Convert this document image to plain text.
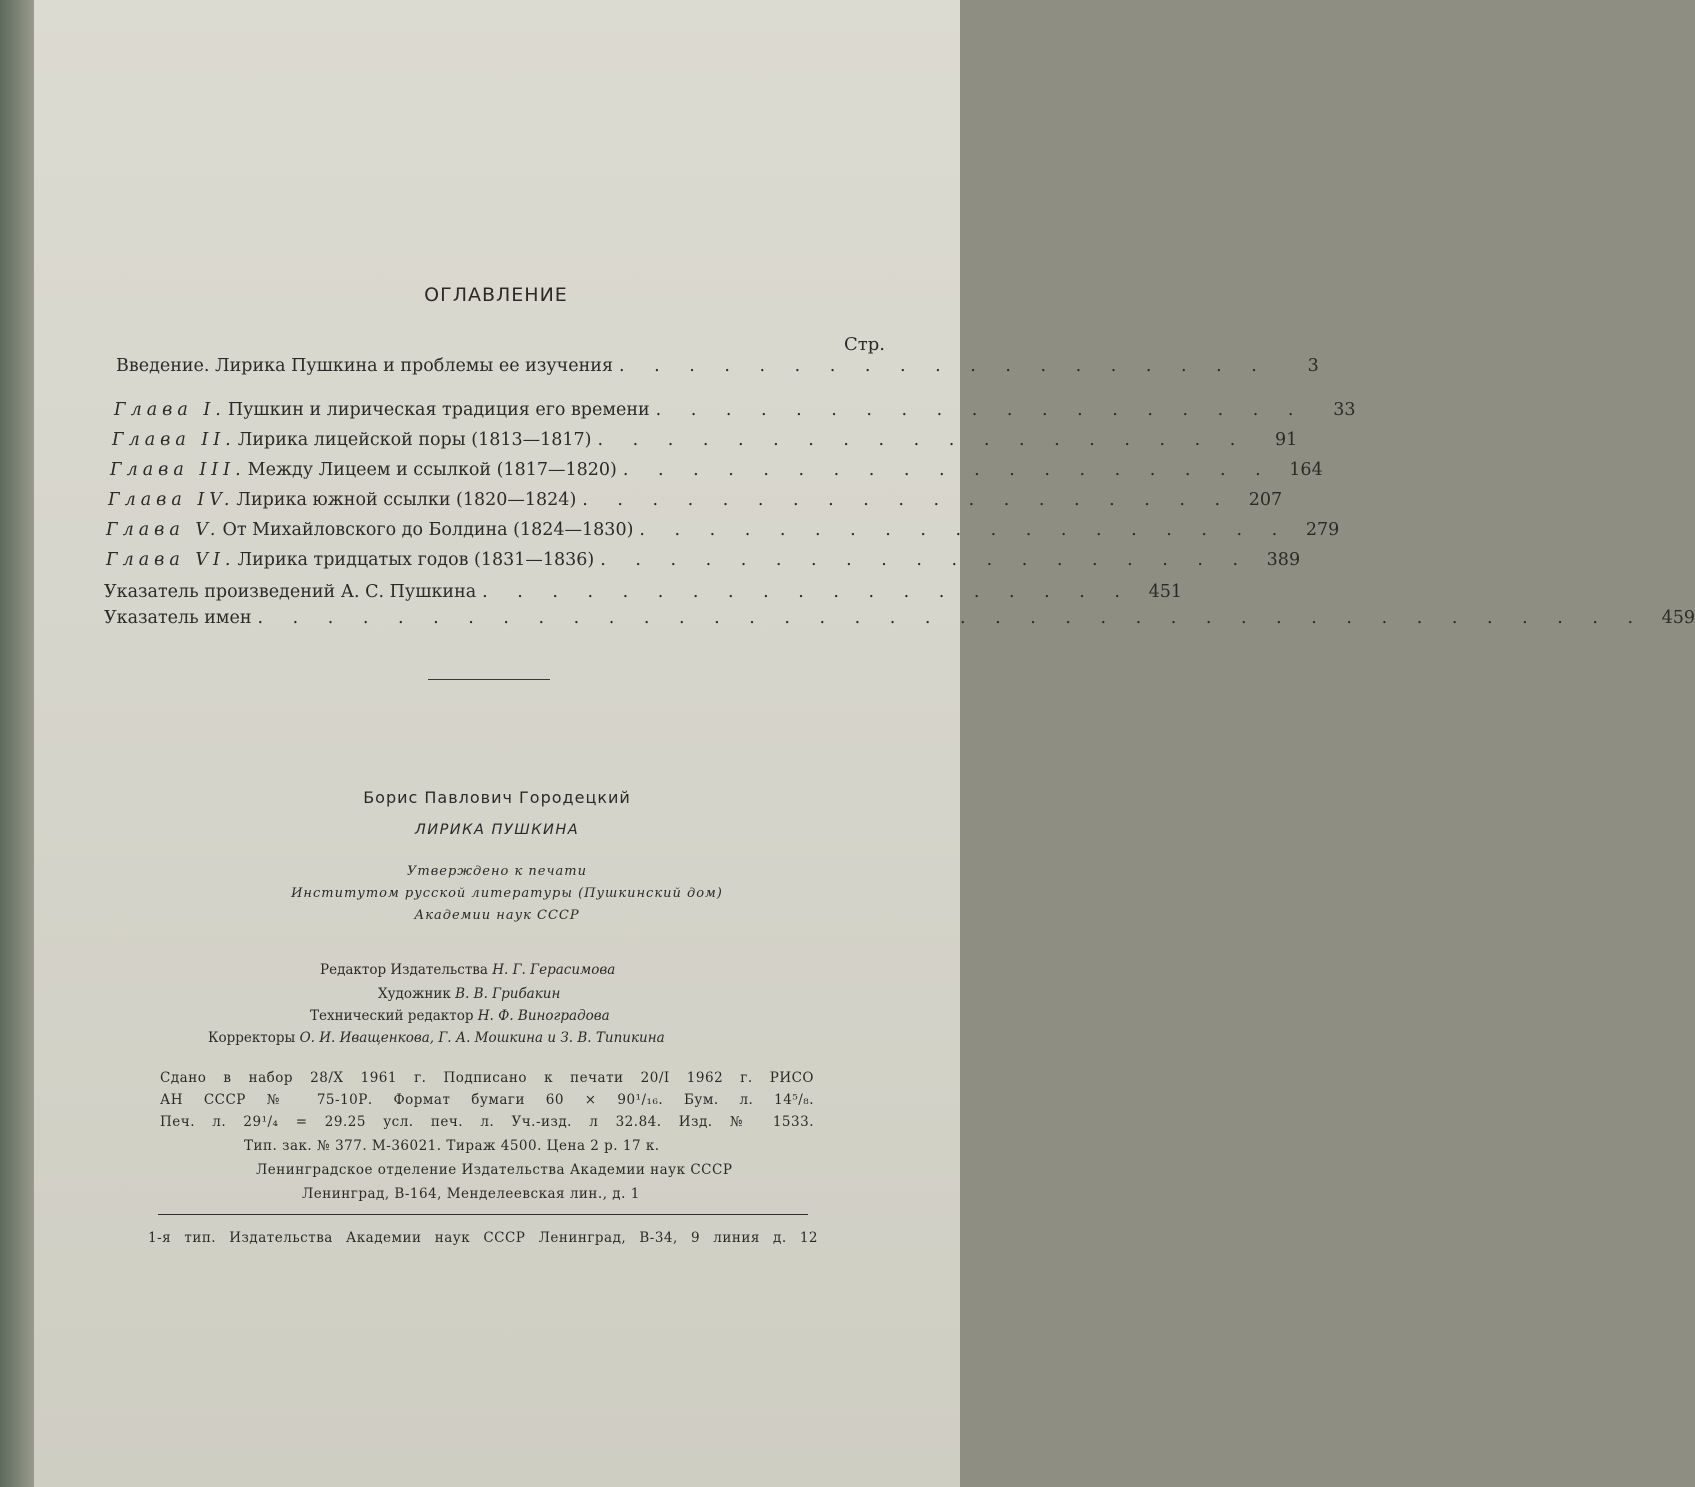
ОГЛАВЛЕНИЕ
Стр.
Введение. Лирика Пушкина и проблемы ее изучения . . . . . . . . . . . . . . . . . . .	3
Глава I. Пушкин и лирическая традиция его времени . . . . . . . . . . . . . . . . . . .	33
Глава II. Лирика лицейской поры (1813—1817) . . . . . . . . . . . . . . . . . . .	91
Глава III. Между Лицеем и ссылкой (1817—1820) . . . . . . . . . . . . . . . . . . . 164
Глава IV. Лирика южной ссылки (1820—1824) . . . . . . . . . . . . . . . . . . . 207
Глава V. От Михайловского до Болдина (1824—1830) . . . . . . . . . . . . . . . . . . . 279
Глава VI. Лирика тридцатых годов (1831—1836) . . . . . . . . . . . . . . . . . . . 389
Указатель произведений А. С. Пушкина . . . . . . . . . . . . . . . . . . . 451
Указатель имен . . . . . . . . . . . . . . . . . . . . . . . . . . . . . . . . . . . . . . . . 459
Борис Павлович Городецкий
ЛИРИКА ПУШКИНА
Утверждено к печати
Институтом русской литературы (Пушкинский дом)
Академии наук СССР
Редактор Издательства Н. Г. Герасимова
Художник В. В. Грибакин
Технический редактор Н. Ф. Виноградова
Корректоры О. И. Иващенкова, Г. А. Мошкина и З. В. Типикина
Сдано в набор 28/X 1961 г. Подписано к печати 20/I 1962 г. РИСО
АН СССР № 75-10Р. Формат бумаги 60 × 90¹/₁₆. Бум. л. 14⁵/₈.
Печ. л. 29¹/₄ = 29.25 усл. печ. л. Уч.-изд. л 32.84. Изд. № 1533.
Тип. зак. № 377. М-36021. Тираж 4500. Цена 2 р. 17 к.
Ленинградское отделение Издательства Академии наук СССР
Ленинград, В-164, Менделеевская лин., д. 1
1-я тип. Издательства Академии наук СССР Ленинград, В-34, 9 линия д. 12
